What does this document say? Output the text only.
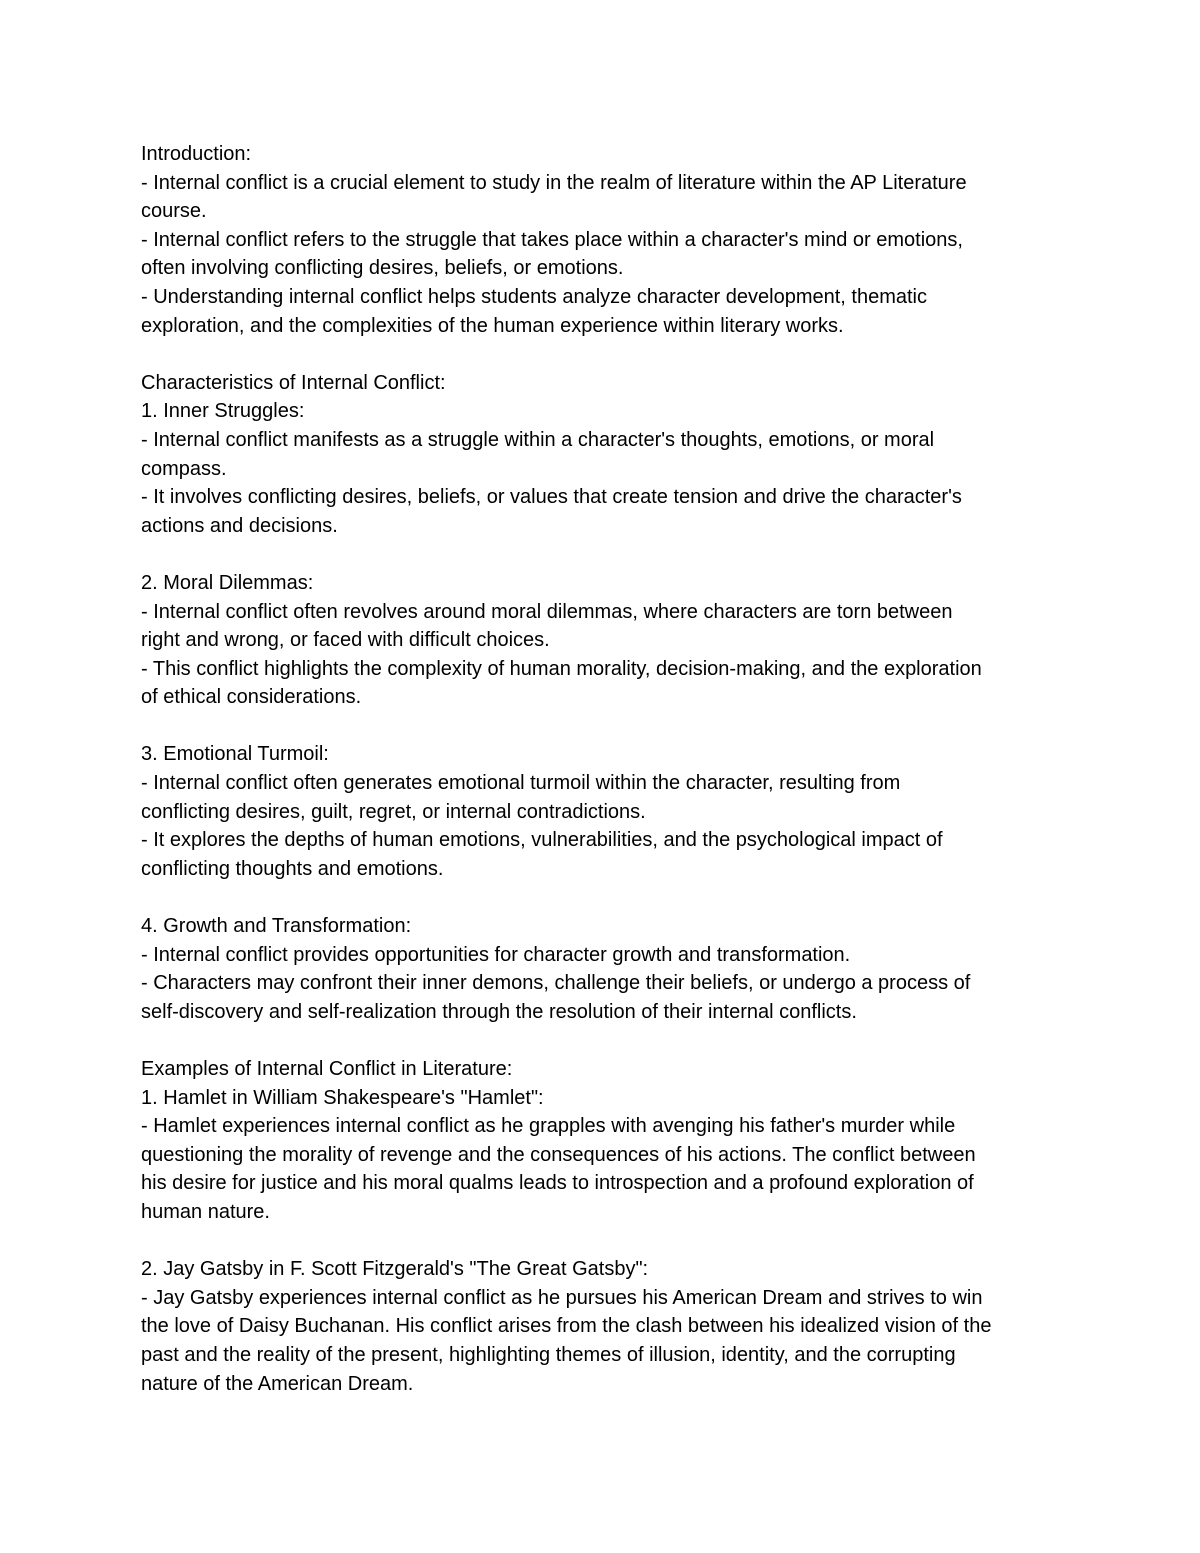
Introduction:

- Internal conflict is a crucial element to study in the realm of literature within the AP Literature

course.

- Internal conflict refers to the struggle that takes place within a character's mind or emotions,

often involving conflicting desires, beliefs, or emotions.

- Understanding internal conflict helps students analyze character development, thematic

exploration, and the complexities of the human experience within literary works.

Characteristics of Internal Conflict:

1. Inner Struggles:

- Internal conflict manifests as a struggle within a character's thoughts, emotions, or moral

compass.

- It involves conflicting desires, beliefs, or values that create tension and drive the character's

actions and decisions.

2. Moral Dilemmas:

- Internal conflict often revolves around moral dilemmas, where characters are torn between

right and wrong, or faced with difficult choices.

- This conflict highlights the complexity of human morality, decision-making, and the exploration

of ethical considerations.

3. Emotional Turmoil:

- Internal conflict often generates emotional turmoil within the character, resulting from

conflicting desires, guilt, regret, or internal contradictions.

- It explores the depths of human emotions, vulnerabilities, and the psychological impact of

conflicting thoughts and emotions.

4. Growth and Transformation:

- Internal conflict provides opportunities for character growth and transformation.

- Characters may confront their inner demons, challenge their beliefs, or undergo a process of

self-discovery and self-realization through the resolution of their internal conflicts.

Examples of Internal Conflict in Literature:

1. Hamlet in William Shakespeare's "Hamlet":

- Hamlet experiences internal conflict as he grapples with avenging his father's murder while

questioning the morality of revenge and the consequences of his actions. The conflict between

his desire for justice and his moral qualms leads to introspection and a profound exploration of

human nature.

2. Jay Gatsby in F. Scott Fitzgerald's "The Great Gatsby":

- Jay Gatsby experiences internal conflict as he pursues his American Dream and strives to win

the love of Daisy Buchanan. His conflict arises from the clash between his idealized vision of the

past and the reality of the present, highlighting themes of illusion, identity, and the corrupting

nature of the American Dream.
